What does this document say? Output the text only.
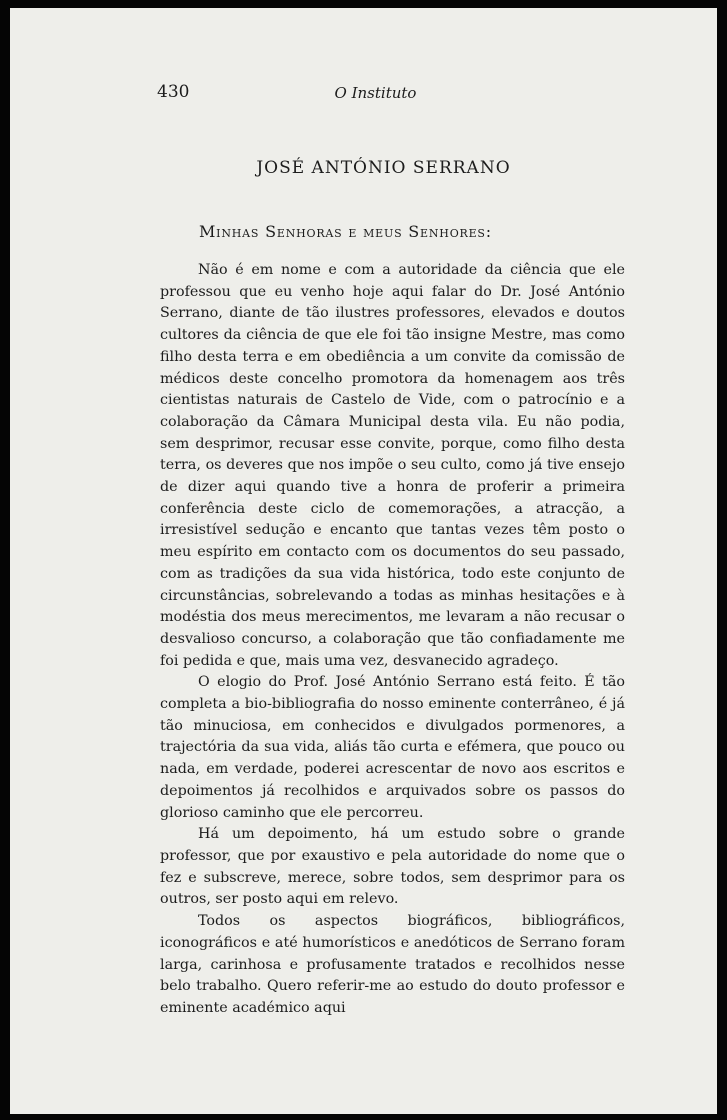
430	O Instituto
JOSÉ ANTÓNIO SERRANO
Minhas Senhoras e meus Senhores:

Não é em nome e com a autoridade da ciência que ele professou que eu venho hoje aqui falar do Dr. José António Serrano, diante de tão ilustres professores, elevados e doutos cultores da ciência de que ele foi tão insigne Mestre, mas como filho desta terra e em obediência a um convite da comissão de médicos deste concelho promotora da homenagem aos três cientistas naturais de Castelo de Vide, com o patrocínio e a colaboração da Câmara Municipal desta vila. Eu não podia, sem desprimor, recusar esse convite, porque, como filho desta terra, os deveres que nos impõe o seu culto, como já tive ensejo de dizer aqui quando tive a honra de proferir a primeira conferência deste ciclo de comemorações, a atracção, a irresistível sedução e encanto que tantas vezes têm posto o meu espírito em contacto com os documentos do seu passado, com as tradições da sua vida histórica, todo este conjunto de circunstâncias, sobrelevando a todas as minhas hesitações e à modéstia dos meus merecimentos, me levaram a não recusar o desvalioso concurso, a colaboração que tão confiadamente me foi pedida e que, mais uma vez, desvanecido agradeço.

O elogio do Prof. José António Serrano está feito. É tão completa a bio-bibliografia do nosso eminente conterrâneo, é já tão minuciosa, em conhecidos e divulgados pormenores, a trajectória da sua vida, aliás tão curta e efémera, que pouco ou nada, em verdade, poderei acrescentar de novo aos escritos e depoimentos já recolhidos e arquivados sobre os passos do glorioso caminho que ele percorreu.

Há um depoimento, há um estudo sobre o grande professor, que por exaustivo e pela autoridade do nome que o fez e subscreve, merece, sobre todos, sem desprimor para os outros, ser posto aqui em relevo.

Todos os aspectos biográficos, bibliográficos, iconográficos e até humorísticos e anedóticos de Serrano foram larga, carinhosa e profusamente tratados e recolhidos nesse belo trabalho. Quero referir-me ao estudo do douto professor e eminente académico aqui
